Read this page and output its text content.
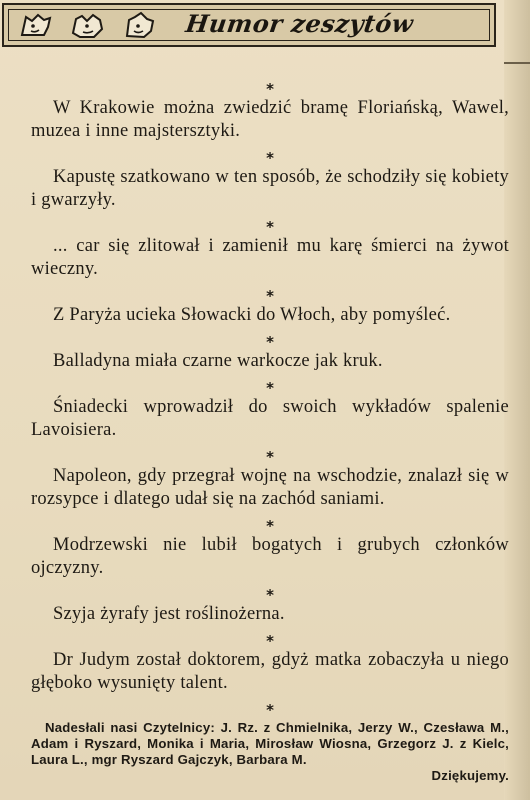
Humor zeszytów
*
W Krakowie można zwiedzić bramę Floriańską, Wawel, muzea i inne majstersztyki.
*
Kapustę szatkowano w ten sposób, że schodziły się kobiety i gwarzyły.
*
... car się zlitował i zamienił mu karę śmierci na żywot wieczny.
*
Z Paryża ucieka Słowacki do Włoch, aby pomyśleć.
*
Balladyna miała czarne warkocze jak kruk.
*
Śniadecki wprowadził do swoich wykładów spalenie Lavoisiera.
*
Napoleon, gdy przegrał wojnę na wschodzie, znalazł się w rozsypce i dlatego udał się na zachód saniami.
*
Modrzewski nie lubił bogatych i grubych członków ojczyzny.
*
Szyja żyrafy jest roślinożerna.
*
Dr Judym został doktorem, gdyż matka zobaczyła u niego głęboko wysunięty talent.
*
Nadesłali nasi Czytelnicy: J. Rz. z Chmielnika, Jerzy W., Czesława M., Adam i Ryszard, Monika i Maria, Mirosław Wiosna, Grzegorz J. z Kielc, Laura L., mgr Ryszard Gajczyk, Barbara M.
Dziękujemy.
